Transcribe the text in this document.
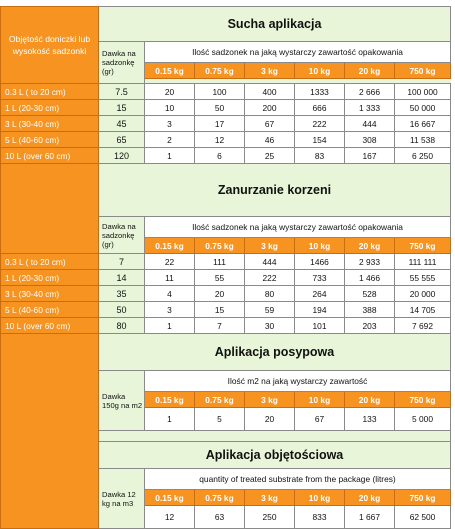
Objętość doniczki lub wysokość sadzonki	Sucha aplikacja						
	Dawka na sadzonkę (gr)	Ilość sadzonek na jaką wystarczy zawartość opakowania					
		0.15 kg	0.75 kg	3 kg	10 kg	20 kg	750 kg

0.3 L ( to 20 cm)	7.5	20	100	400	1333	2 666	100 000
1 L (20-30 cm)	15	10	50	200	666	1 333	50 000
3 L (30-40 cm)	45	3	17	67	222	444	16 667
5 L (40-60 cm)	65	2	12	46	154	308	11 538
10 L (over 60 cm)	120	1	6	25	83	167	6 250
	Zanurzanie korzeni						
	Dawka na sadzonkę (gr)	Ilość sadzonek na jaką wystarczy zawartość opakowania					
		0.15 kg	0.75 kg	3 kg	10 kg	20 kg	750 kg
0.3 L ( to 20 cm)	7	22	111	444	1466	2 933	111 111
1 L (20-30 cm)	14	11	55	222	733	1 466	55 555
3 L (30-40 cm)	35	4	20	80	264	528	20 000
5 L (40-60 cm)	50	3	15	59	194	388	14 705
10 L (over 60 cm)	80	1	7	30	101	203	7 692
	Aplikacja posypowa						
	Dawka 150g na m2	Ilość m2 na jaką wystarczy zawartość					
		0.15 kg	0.75 kg	3 kg	10 kg	20 kg	750 kg
		1	5	20	67	133	5 000

	Aplikacja objętościowa						
	Dawka 12 kg na m3	quantity of treated substrate from the package (litres)					
		0.15 kg	0.75 kg	3 kg	10 kg	20 kg	750 kg
		12	63	250	833	1 667	62 500
